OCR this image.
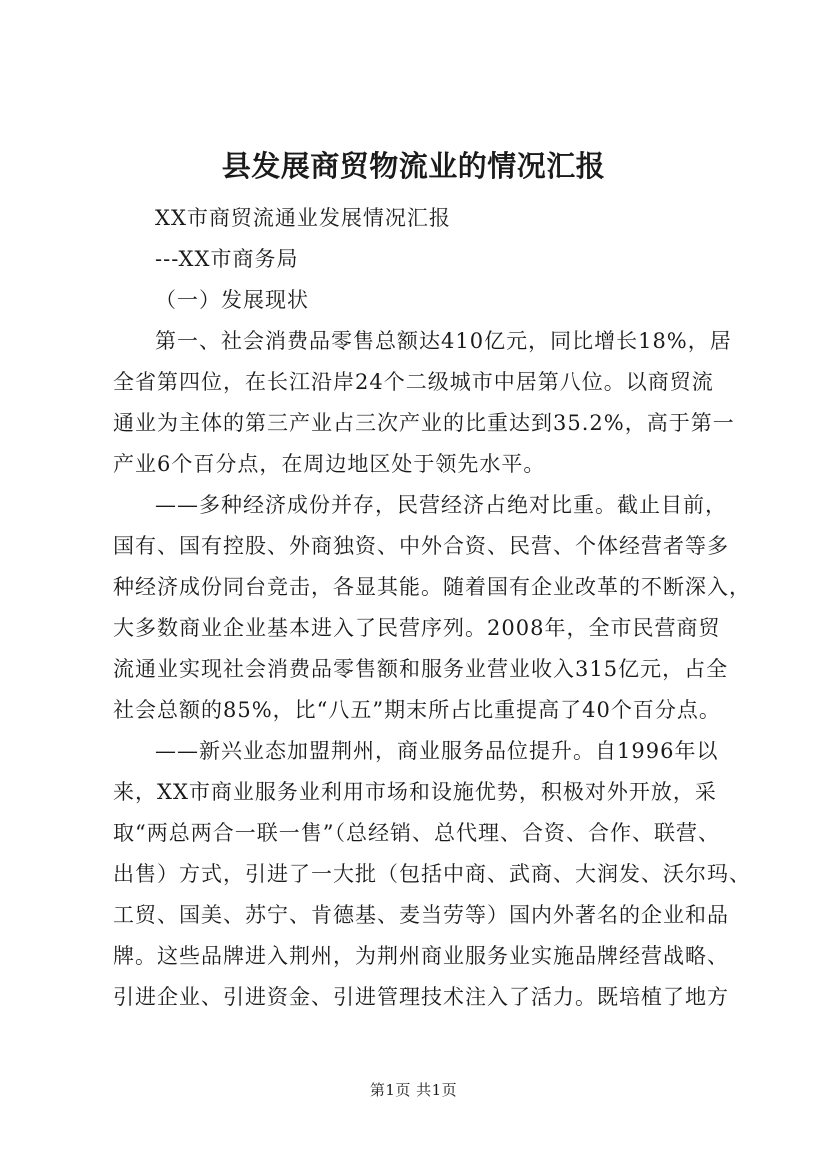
县发展商贸物流业的情况汇报
XX市商贸流通业发展情况汇报
---XX市商务局
（一）发展现状
第一、社会消费品零售总额达410亿元，同比增长18%，居
全省第四位，在长江沿岸24个二级城市中居第八位。以商贸流
通业为主体的第三产业占三次产业的比重达到35.2%，高于第一
产业6个百分点，在周边地区处于领先水平。
——多种经济成份并存，民营经济占绝对比重。截止目前，
国有、国有控股、外商独资、中外合资、民营、个体经营者等多
种经济成份同台竞击，各显其能。随着国有企业改革的不断深入，
大多数商业企业基本进入了民营序列。2008年，全市民营商贸
流通业实现社会消费品零售额和服务业营业收入315亿元，占全
社会总额的85%，比“八五”期末所占比重提高了40个百分点。
——新兴业态加盟荆州，商业服务品位提升。自1996年以
来，XX市商业服务业利用市场和设施优势，积极对外开放，采
取“两总两合一联一售”（总经销、总代理、合资、合作、联营、
出售）方式，引进了一大批（包括中商、武商、大润发、沃尔玛、
工贸、国美、苏宁、肯德基、麦当劳等）国内外著名的企业和品
牌。这些品牌进入荆州，为荆州商业服务业实施品牌经营战略、
引进企业、引进资金、引进管理技术注入了活力。既培植了地方
第1页 共1页
